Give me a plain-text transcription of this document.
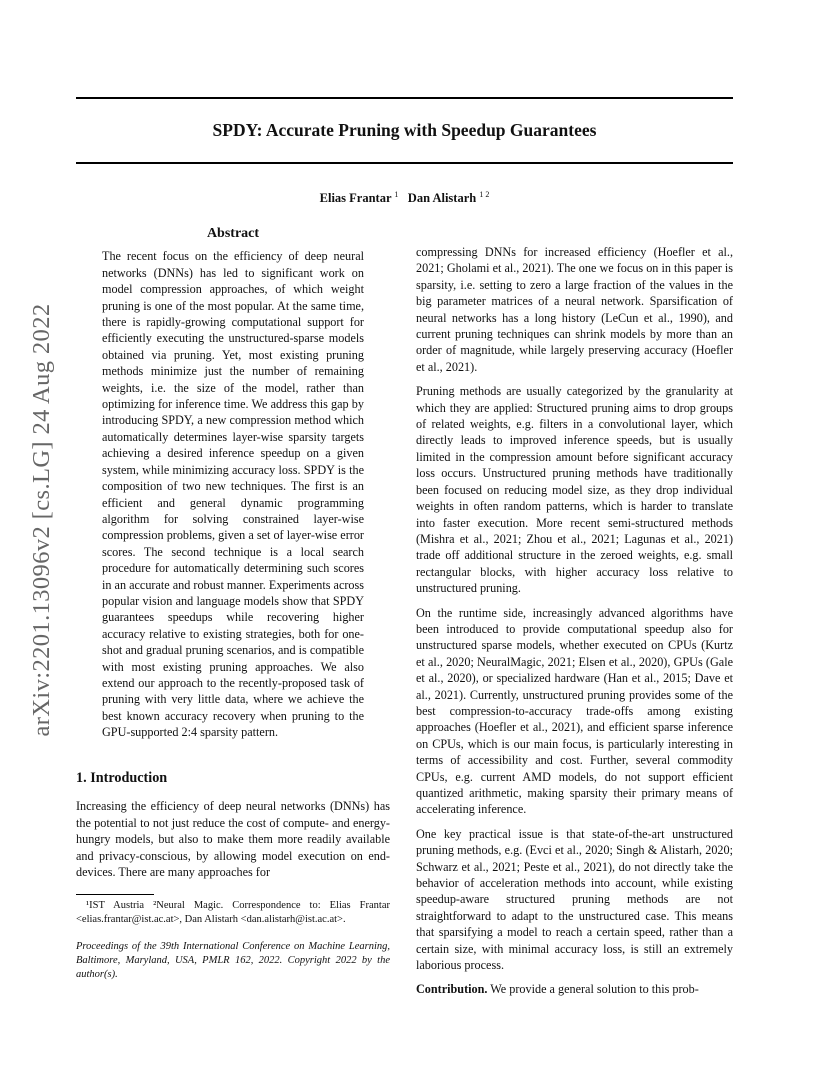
SPDY: Accurate Pruning with Speedup Guarantees
Elias Frantar $^1$ Dan Alistarh $^{1 2}$
arXiv:2201.13096v2 [cs.LG] 24 Aug 2022
Abstract

The recent focus on the efficiency of deep neural networks (DNNs) has led to significant work on model compression approaches, of which weight pruning is one of the most popular. At the same time, there is rapidly-growing computational support for efficiently executing the unstructured-sparse models obtained via pruning. Yet, most existing pruning methods minimize just the number of remaining weights, i.e. the size of the model, rather than optimizing for inference time. We address this gap by introducing SPDY, a new compression method which automatically determines layer-wise sparsity targets achieving a desired inference speedup on a given system, while minimizing accuracy loss. SPDY is the composition of two new techniques. The first is an efficient and general dynamic programming algorithm for solving constrained layer-wise compression problems, given a set of layer-wise error scores. The second technique is a local search procedure for automatically determining such scores in an accurate and robust manner. Experiments across popular vision and language models show that SPDY guarantees speedups while recovering higher accuracy relative to existing strategies, both for one-shot and gradual pruning scenarios, and is compatible with most existing pruning approaches. We also extend our approach to the recently-proposed task of pruning with very little data, where we achieve the best known accuracy recovery when pruning to the GPU-supported 2:4 sparsity pattern.

1. Introduction

Increasing the efficiency of deep neural networks (DNNs) has the potential to not just reduce the cost of compute- and energy-hungry models, but also to make them more readily available and privacy-conscious, by allowing model execution on end-devices. There are many approaches for

¹IST Austria ²Neural Magic. Correspondence to: Elias Frantar <elias.frantar@ist.ac.at>, Dan Alistarh <dan.alistarh@ist.ac.at>.

Proceedings of the 39th International Conference on Machine Learning, Baltimore, Maryland, USA, PMLR 162, 2022. Copyright 2022 by the author(s).

compressing DNNs for increased efficiency (Hoefler et al., 2021; Gholami et al., 2021). The one we focus on in this paper is sparsity, i.e. setting to zero a large fraction of the values in the big parameter matrices of a neural network. Sparsification of neural networks has a long history (LeCun et al., 1990), and current pruning techniques can shrink models by more than an order of magnitude, while largely preserving accuracy (Hoefler et al., 2021).

Pruning methods are usually categorized by the granularity at which they are applied: Structured pruning aims to drop groups of related weights, e.g. filters in a convolutional layer, which directly leads to improved inference speeds, but is usually limited in the compression amount before significant accuracy loss occurs. Unstructured pruning methods have traditionally been focused on reducing model size, as they drop individual weights in often random patterns, which is harder to translate into faster execution. More recent semi-structured methods (Mishra et al., 2021; Zhou et al., 2021; Lagunas et al., 2021) trade off additional structure in the zeroed weights, e.g. small rectangular blocks, with higher accuracy loss relative to unstructured pruning.

On the runtime side, increasingly advanced algorithms have been introduced to provide computational speedup also for unstructured sparse models, whether executed on CPUs (Kurtz et al., 2020; NeuralMagic, 2021; Elsen et al., 2020), GPUs (Gale et al., 2020), or specialized hardware (Han et al., 2015; Dave et al., 2021). Currently, unstructured pruning provides some of the best compression-to-accuracy trade-offs among existing approaches (Hoefler et al., 2021), and efficient sparse inference on CPUs, which is our main focus, is particularly interesting in terms of accessibility and cost. Further, several commodity CPUs, e.g. current AMD models, do not support efficient quantized arithmetic, making sparsity their primary means of accelerating inference.

One key practical issue is that state-of-the-art unstructured pruning methods, e.g. (Evci et al., 2020; Singh & Alistarh, 2020; Schwarz et al., 2021; Peste et al., 2021), do not directly take the behavior of acceleration methods into account, while existing speedup-aware structured pruning methods are not straightforward to adapt to the unstructured case. This means that sparsifying a model to reach a certain speed, rather than a certain size, with minimal accuracy loss, is still an extremely laborious process.

Contribution. We provide a general solution to this prob-
